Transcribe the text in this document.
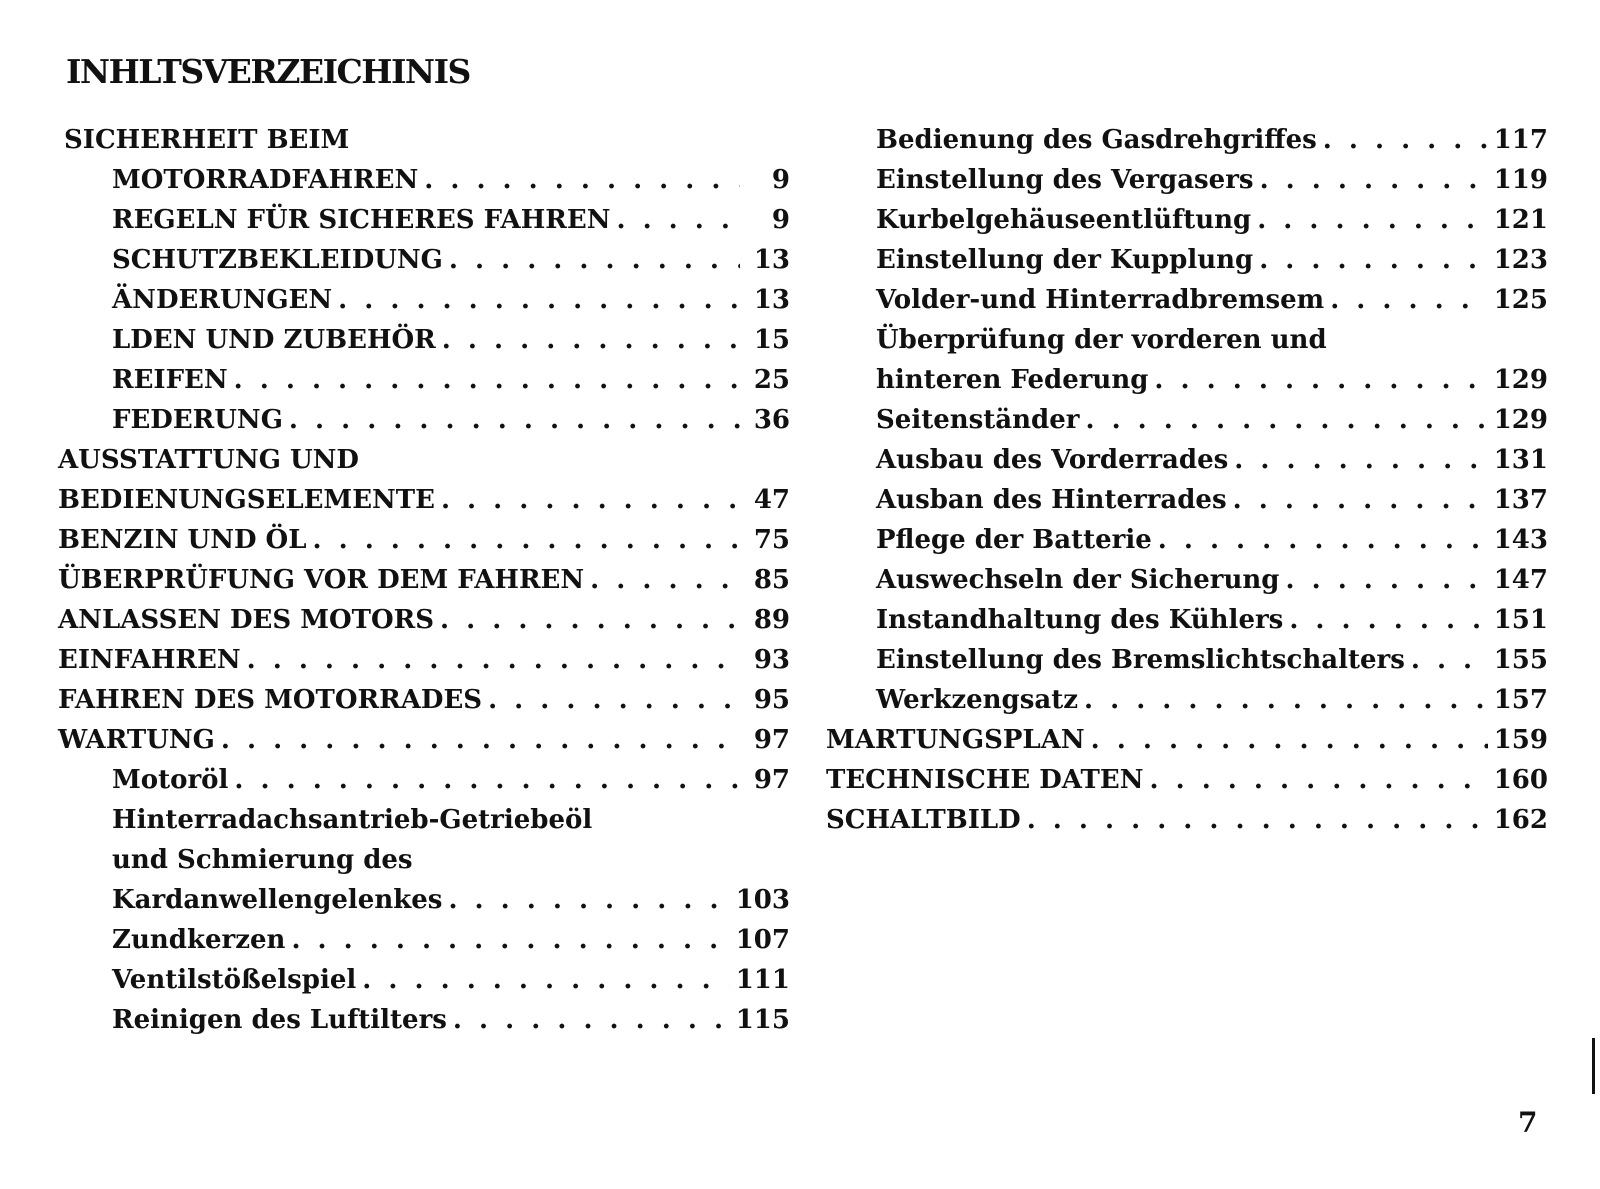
INHLTSVERZEICHINIS
SICHERHEIT BEIM
MOTORRADFAHREN . . .	9
REGELN FÜR SICHERES FAHREN . . .	9
SCHUTZBEKLEIDUNG . . .	13
ÄNDERUNGEN . . .	13
LDEN UND ZUBEHÖR . . .	15
REIFEN . . .	25
FEDERUNG . . .	36
AUSSTATTUNG UND
BEDIENUNGSELEMENTE . . .	47
BENZIN UND ÖL . . .	75
ÜBERPRÜFUNG VOR DEM FAHREN . . .	85
ANLASSEN DES MOTORS . . .	89
EINFAHREN . . .	93
FAHREN DES MOTORRADES . . .	95
WARTUNG . . .	97
Motoröl . . .	97
Hinterradachsantrieb-Getriebeöl
und Schmierung des
Kardanwellengelenkes . . .	103
Zundkerzen . . .	107
Ventilstößelspiel . . .	111
Reinigen des Luftilters . . .	115
Bedienung des Gasdrehgriffes . . .	117
Einstellung des Vergasers . . .	119
Kurbelgehäuseentlüftung . . .	121
Einstellung der Kupplung . . .	123
Volder-und Hinterradbremsem . . .	125
Überprüfung der vorderen und
hinteren Federung . . .	129
Seitenständer . . .	129
Ausbau des Vorderrades . . .	131
Ausban des Hinterrades . . .	137
Pflege der Batterie . . .	143
Auswechseln der Sicherung . . .	147
Instandhaltung des Kühlers . . .	151
Einstellung des Bremslichtschalters . . .	155
Werkzengsatz . . .	157
MARTUNGSPLAN . . .	159
TECHNISCHE DATEN . . .	160
SCHALTBILD . . .	162
7
